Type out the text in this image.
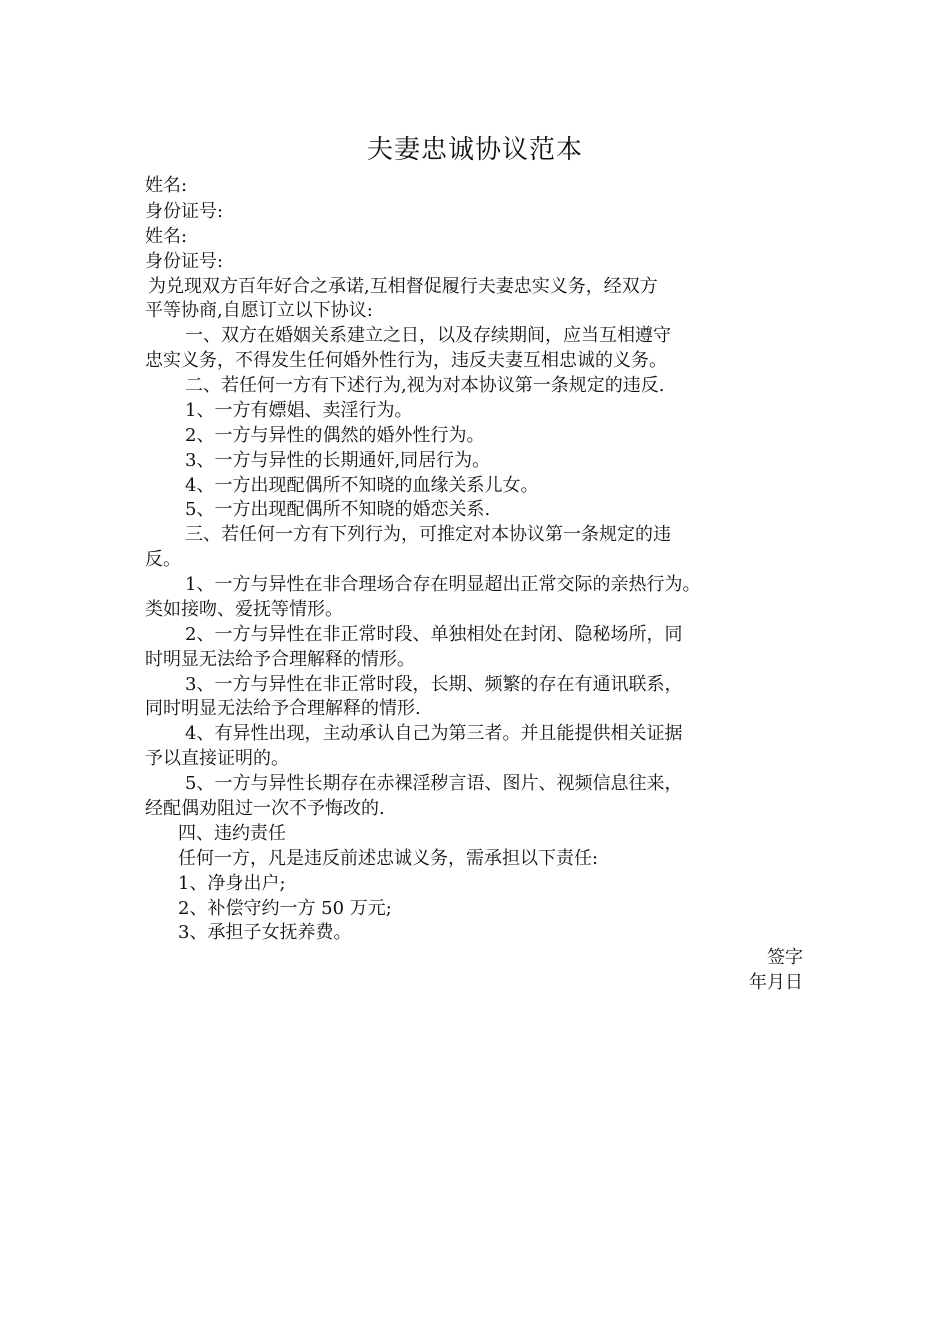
夫妻忠诚协议范本

姓名:

身份证号:

姓名:

身份证号:

为兑现双方百年好合之承诺,互相督促履行夫妻忠实义务，经双方

平等协商,自愿订立以下协议:

一、双方在婚姻关系建立之日，以及存续期间，应当互相遵守

忠实义务，不得发生任何婚外性行为，违反夫妻互相忠诚的义务。

二、若任何一方有下述行为,视为对本协议第一条规定的违反.

1、一方有嫖娼、卖淫行为。

2、一方与异性的偶然的婚外性行为。

3、一方与异性的长期通奸,同居行为。

4、一方出现配偶所不知晓的血缘关系儿女。

5、一方出现配偶所不知晓的婚恋关系.

三、若任何一方有下列行为，可推定对本协议第一条规定的违

反。

1、一方与异性在非合理场合存在明显超出正常交际的亲热行为。

类如接吻、爱抚等情形。

2、一方与异性在非正常时段、单独相处在封闭、隐秘场所，同

时明显无法给予合理解释的情形。

3、一方与异性在非正常时段，长期、频繁的存在有通讯联系，

同时明显无法给予合理解释的情形.

4、有异性出现，主动承认自己为第三者。并且能提供相关证据

予以直接证明的。

5、一方与异性长期存在赤裸淫秽言语、图片、视频信息往来，

经配偶劝阻过一次不予悔改的.

四、违约责任

任何一方，凡是违反前述忠诚义务，需承担以下责任:

1、净身出户;

2、补偿守约一方 50 万元;

3、承担子女抚养费。

签字

年月日
